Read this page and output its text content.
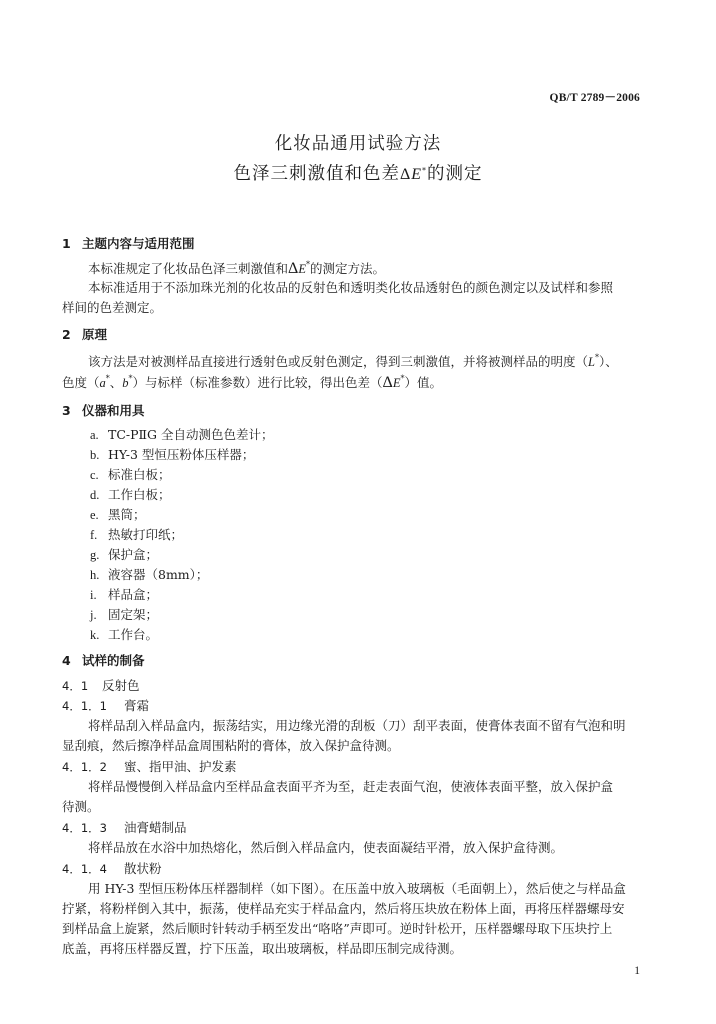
QB/T 2789－2006
化妆品通用试验方法
色泽三刺激值和色差ΔE*的测定
1 主题内容与适用范围
本标准规定了化妆品色泽三刺激值和ΔE*的测定方法。
本标准适用于不添加珠光剂的化妆品的反射色和透明类化妆品透射色的颜色测定以及试样和参照
样间的色差测定。
2 原理
该方法是对被测样品直接进行透射色或反射色测定，得到三刺激值，并将被测样品的明度（L*）、
色度（a*、b*）与标样（标准参数）进行比较，得出色差（ΔE*）值。
3 仪器和用具
a. TC-PⅡG 全自动测色色差计；
b. HY-3 型恒压粉体压样器；
c. 标准白板；
d. 工作白板；
e. 黑筒；
f. 热敏打印纸；
g. 保护盒；
h. 液容器（8mm）；
i. 样品盒；
j. 固定架；
k. 工作台。
4 试样的制备
4．1 反射色
4．1．1 膏霜
将样品刮入样品盒内，振荡结实，用边缘光滑的刮板（刀）刮平表面，使膏体表面不留有气泡和明
显刮痕，然后擦净样品盒周围粘附的膏体，放入保护盒待测。
4．1．2 蜜、指甲油、护发素
将样品慢慢倒入样品盒内至样品盒表面平齐为至，赶走表面气泡，使液体表面平整，放入保护盒
待测。
4．1．3 油膏蜡制品
将样品放在水浴中加热熔化，然后倒入样品盒内，使表面凝结平滑，放入保护盒待测。
4．1．4 散状粉
用 HY-3 型恒压粉体压样器制样（如下图）。在压盖中放入玻璃板（毛面朝上），然后使之与样品盒
拧紧，将粉样倒入其中，振荡，使样品充实于样品盒内，然后将压块放在粉体上面，再将压样器螺母安
到样品盒上旋紧，然后顺时针转动手柄至发出“咯咯”声即可。逆时针松开，压样器螺母取下压块拧上
底盖，再将压样器反置，拧下压盖，取出玻璃板，样品即压制完成待测。
1
